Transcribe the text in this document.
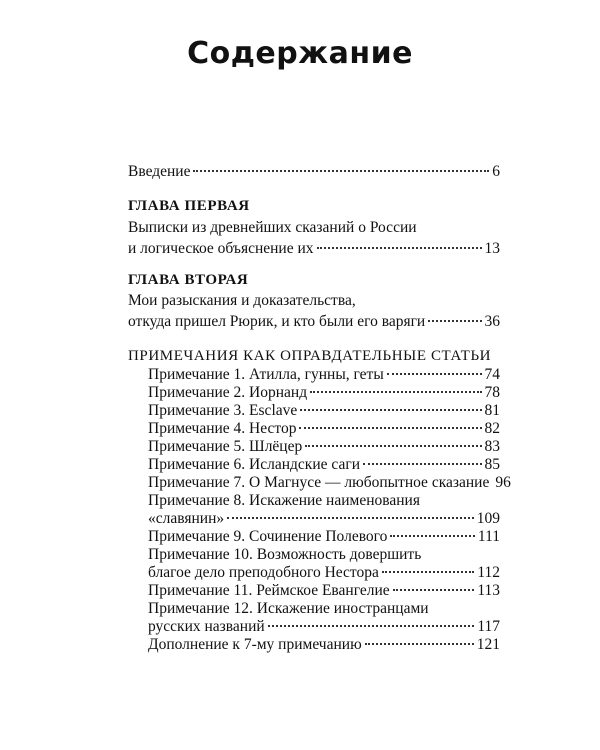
Содержание
Введение	6
ГЛАВА ПЕРВАЯ
Выписки из древнейших сказаний о России
и логическое объяснение их	13
ГЛАВА ВТОРАЯ
Мои разыскания и доказательства,
откуда пришел Рюрик, и кто были его варяги	36
ПРИМЕЧАНИЯ КАК ОПРАВДАТЕЛЬНЫЕ СТАТЬИ
Примечание 1. Атилла, гунны, геты	74
Примечание 2. Иорнанд	78
Примечание 3. Esclave	81
Примечание 4. Нестор	82
Примечание 5. Шлёцер	83
Примечание 6. Исландские саги	85
Примечание 7. О Магнусе — любопытное сказание 96
Примечание 8. Искажение наименования
«славянин»	109
Примечание 9. Сочинение Полевого	111
Примечание 10. Возможность довершить
благое дело преподобного Нестора	112
Примечание 11. Реймское Евангелие	113
Примечание 12. Искажение иностранцами
русских названий	117
Дополнение к 7-му примечанию	121
